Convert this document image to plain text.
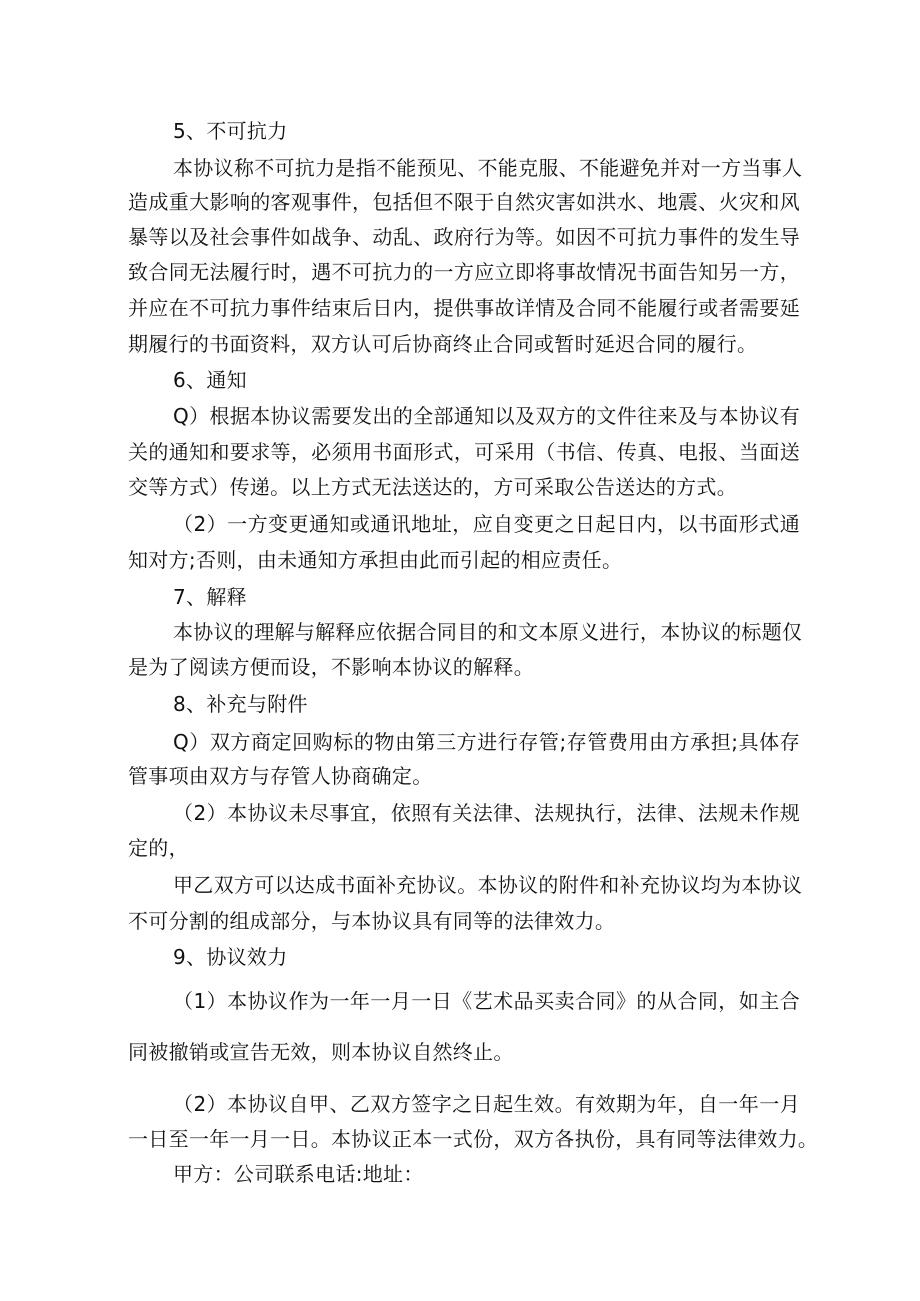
5、不可抗力
本协议称不可抗力是指不能预见、不能克服、不能避免并对一方当事人
造成重大影响的客观事件，包括但不限于自然灾害如洪水、地震、火灾和风
暴等以及社会事件如战争、动乱、政府行为等。如因不可抗力事件的发生导
致合同无法履行时，遇不可抗力的一方应立即将事故情况书面告知另一方，
并应在不可抗力事件结束后日内，提供事故详情及合同不能履行或者需要延
期履行的书面资料，双方认可后协商终止合同或暂时延迟合同的履行。
6、通知
Q）根据本协议需要发出的全部通知以及双方的文件往来及与本协议有
关的通知和要求等，必须用书面形式，可采用（书信、传真、电报、当面送
交等方式）传递。以上方式无法送达的，方可采取公告送达的方式。
（2）一方变更通知或通讯地址，应自变更之日起日内，以书面形式通
知对方;否则，由未通知方承担由此而引起的相应责任。
7、解释
本协议的理解与解释应依据合同目的和文本原义进行，本协议的标题仅
是为了阅读方便而设，不影响本协议的解释。
8、补充与附件
Q）双方商定回购标的物由第三方进行存管;存管费用由方承担;具体存
管事项由双方与存管人协商确定。
（2）本协议未尽事宜，依照有关法律、法规执行，法律、法规未作规
定的，
甲乙双方可以达成书面补充协议。本协议的附件和补充协议均为本协议
不可分割的组成部分，与本协议具有同等的法律效力。
9、协议效力
（1）本协议作为一年一月一日《艺术品买卖合同》的从合同，如主合
同被撤销或宣告无效，则本协议自然终止。
（2）本协议自甲、乙双方签字之日起生效。有效期为年，自一年一月
一日至一年一月一日。本协议正本一式份，双方各执份，具有同等法律效力。
甲方：公司联系电话:地址：
